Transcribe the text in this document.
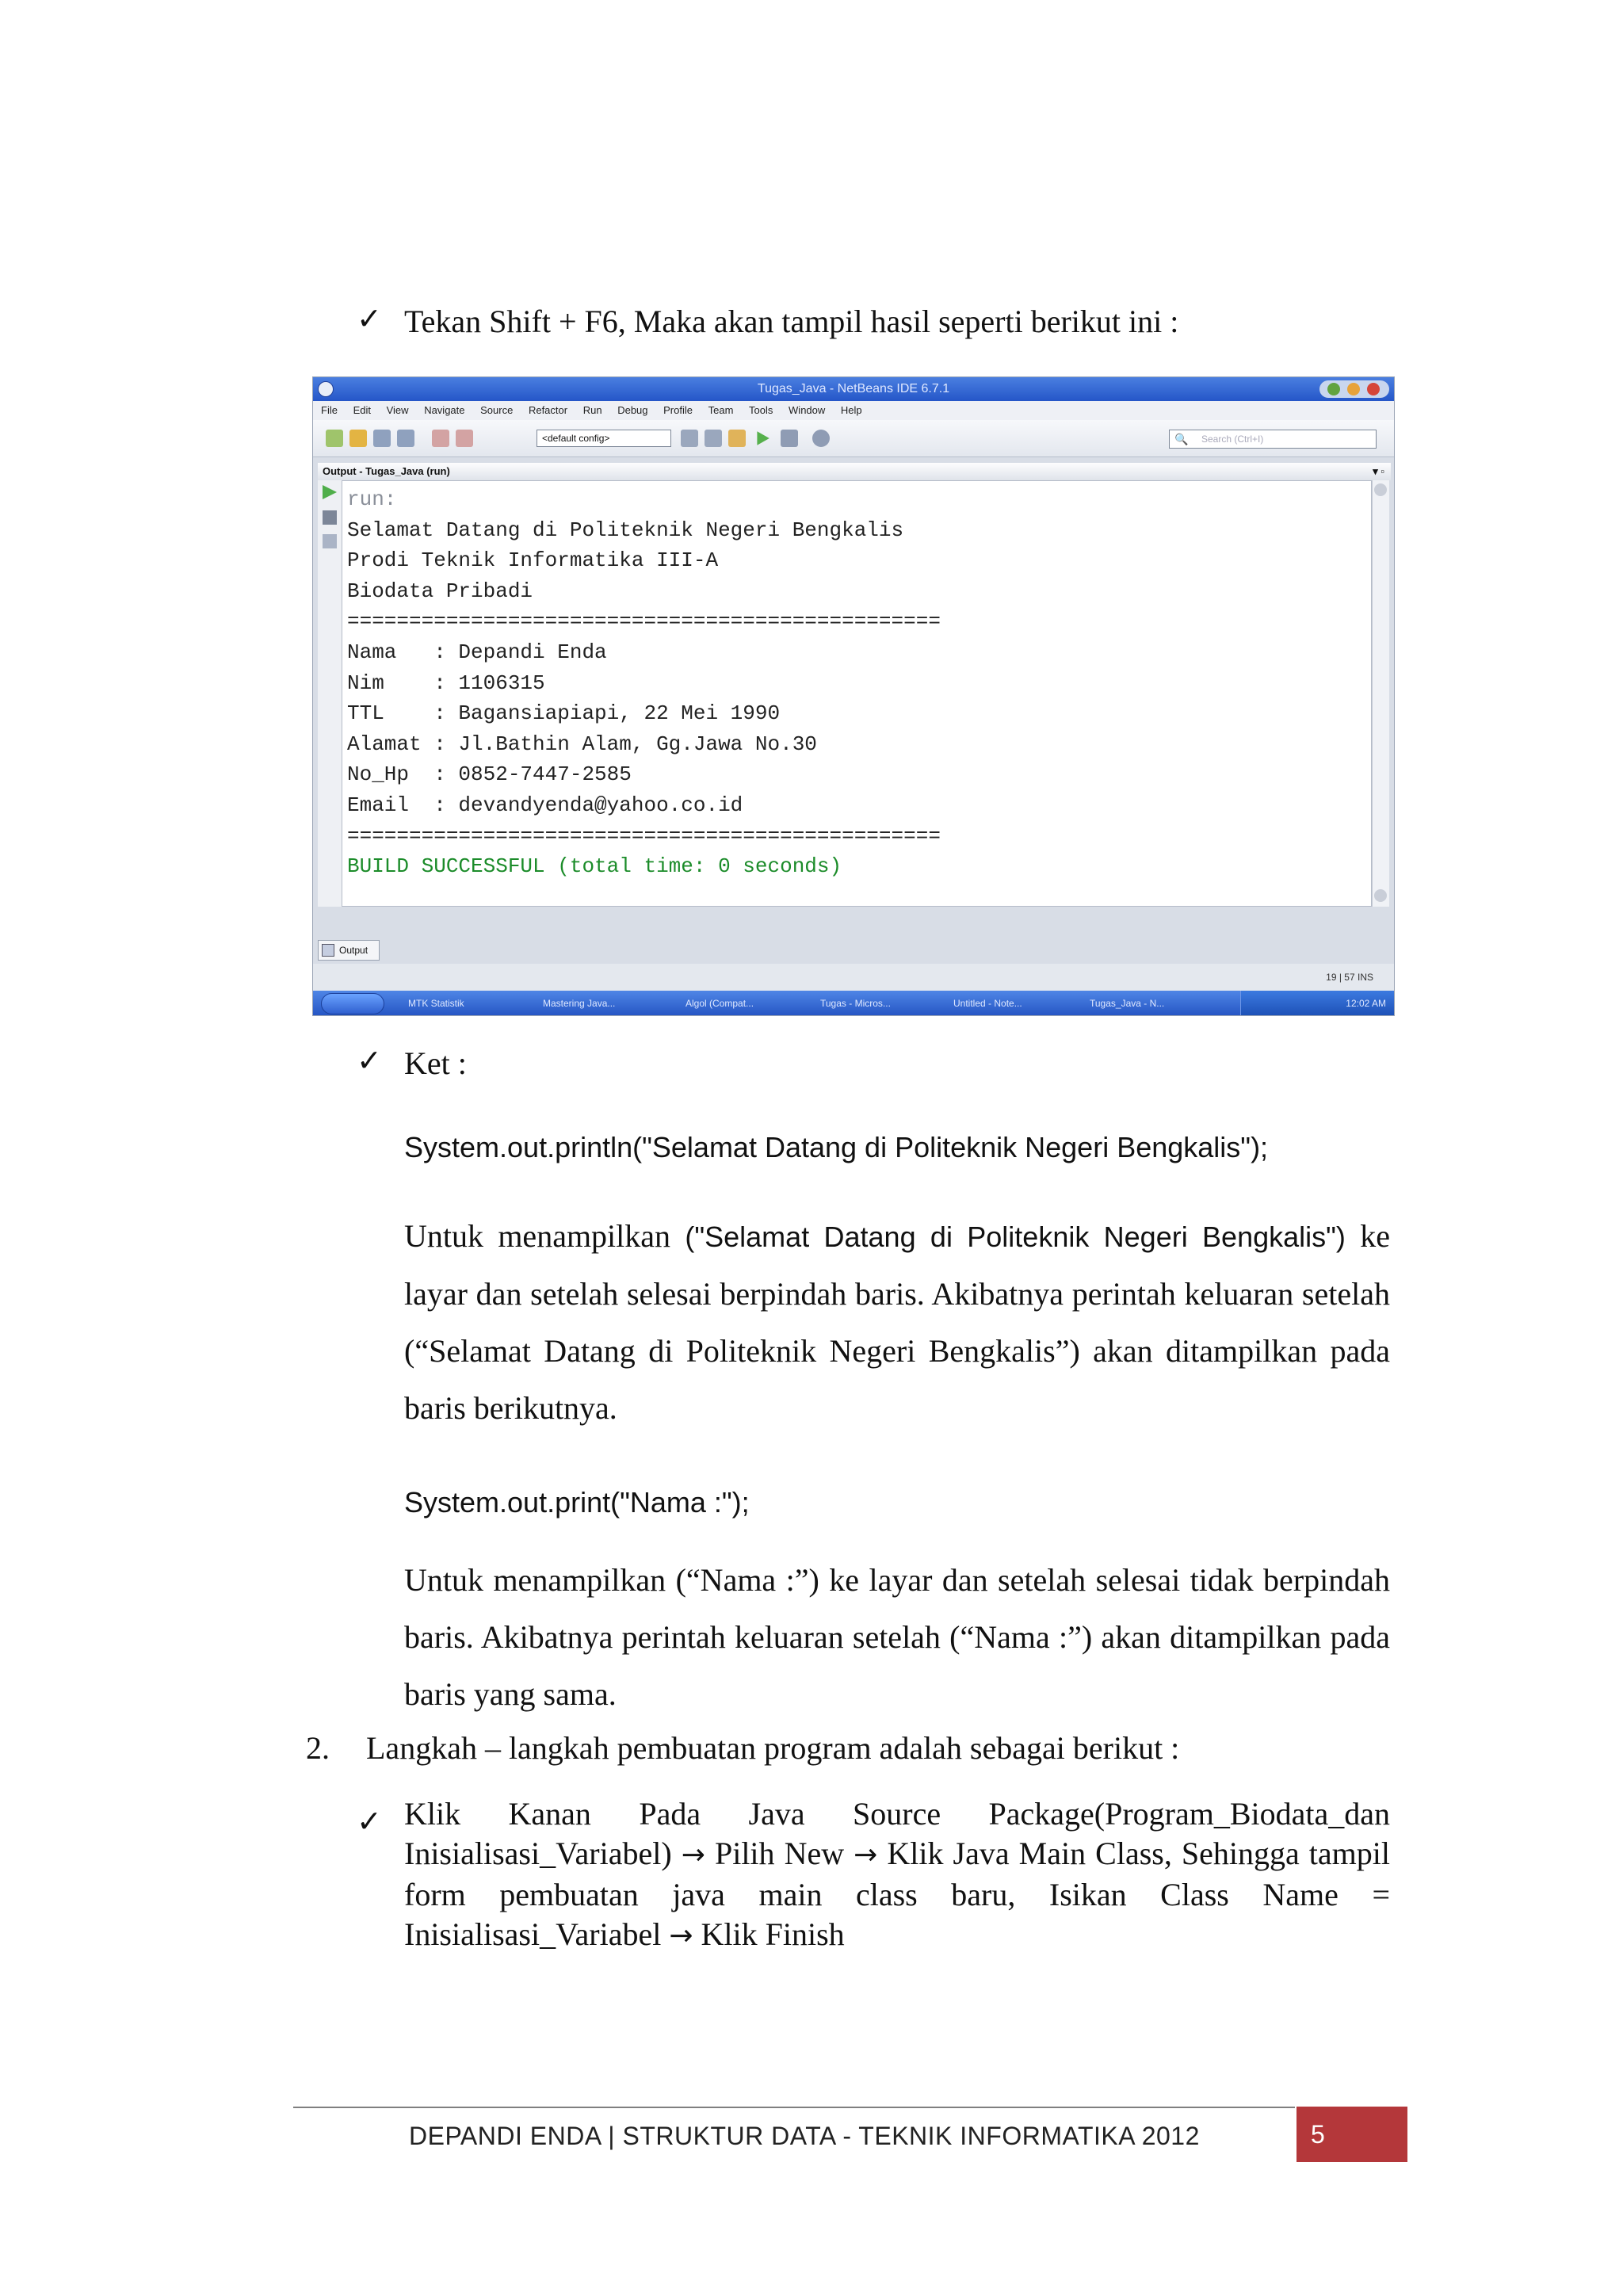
✓ Tekan Shift + F6, Maka akan tampil hasil seperti berikut ini :
Tugas_Java - NetBeans IDE 6.7.1
File Edit View Navigate Source Refactor Run Debug Profile Team Tools Window Help
<default config>	🔍 Search (Ctrl+I)
Output - Tugas_Java (run)	▾ ▫
run:
Selamat Datang di Politeknik Negeri Bengkalis
Prodi Teknik Informatika III-A
Biodata Pribadi
================================================
Nama   : Depandi Enda
Nim    : 1106315
TTL    : Bagansiapiapi, 22 Mei 1990
Alamat : Jl.Bathin Alam, Gg.Jawa No.30
No_Hp  : 0852-7447-2585
Email  : devandyenda@yahoo.co.id
================================================
BUILD SUCCESSFUL (total time: 0 seconds)
Output
19 | 57 INS
MTK Statistik	Mastering Java...	Algol (Compat...	Tugas - Micros...	Untitled - Note...	Tugas_Java - N...	12:02 AM
✓ Ket :
System.out.println("Selamat Datang di Politeknik Negeri Bengkalis");
Untuk menampilkan ("Selamat Datang di Politeknik Negeri Bengkalis") ke layar dan setelah selesai berpindah baris. Akibatnya perintah keluaran setelah (“Selamat Datang di Politeknik Negeri Bengkalis”) akan ditampilkan pada baris berikutnya.
System.out.print("Nama :");
Untuk menampilkan (“Nama :”) ke layar dan setelah selesai tidak berpindah baris. Akibatnya perintah keluaran setelah (“Nama :”) akan ditampilkan pada baris yang sama.
2. Langkah – langkah pembuatan program adalah sebagai berikut :
✓ Klik Kanan Pada Java Source Package(Program_Biodata_dan Inisialisasi_Variabel) → Pilih New → Klik Java Main Class, Sehingga tampil form pembuatan java main class baru, Isikan Class Name = Inisialisasi_Variabel → Klik Finish
DEPANDI ENDA | STRUKTUR DATA - TEKNIK INFORMATIKA 2012	5
